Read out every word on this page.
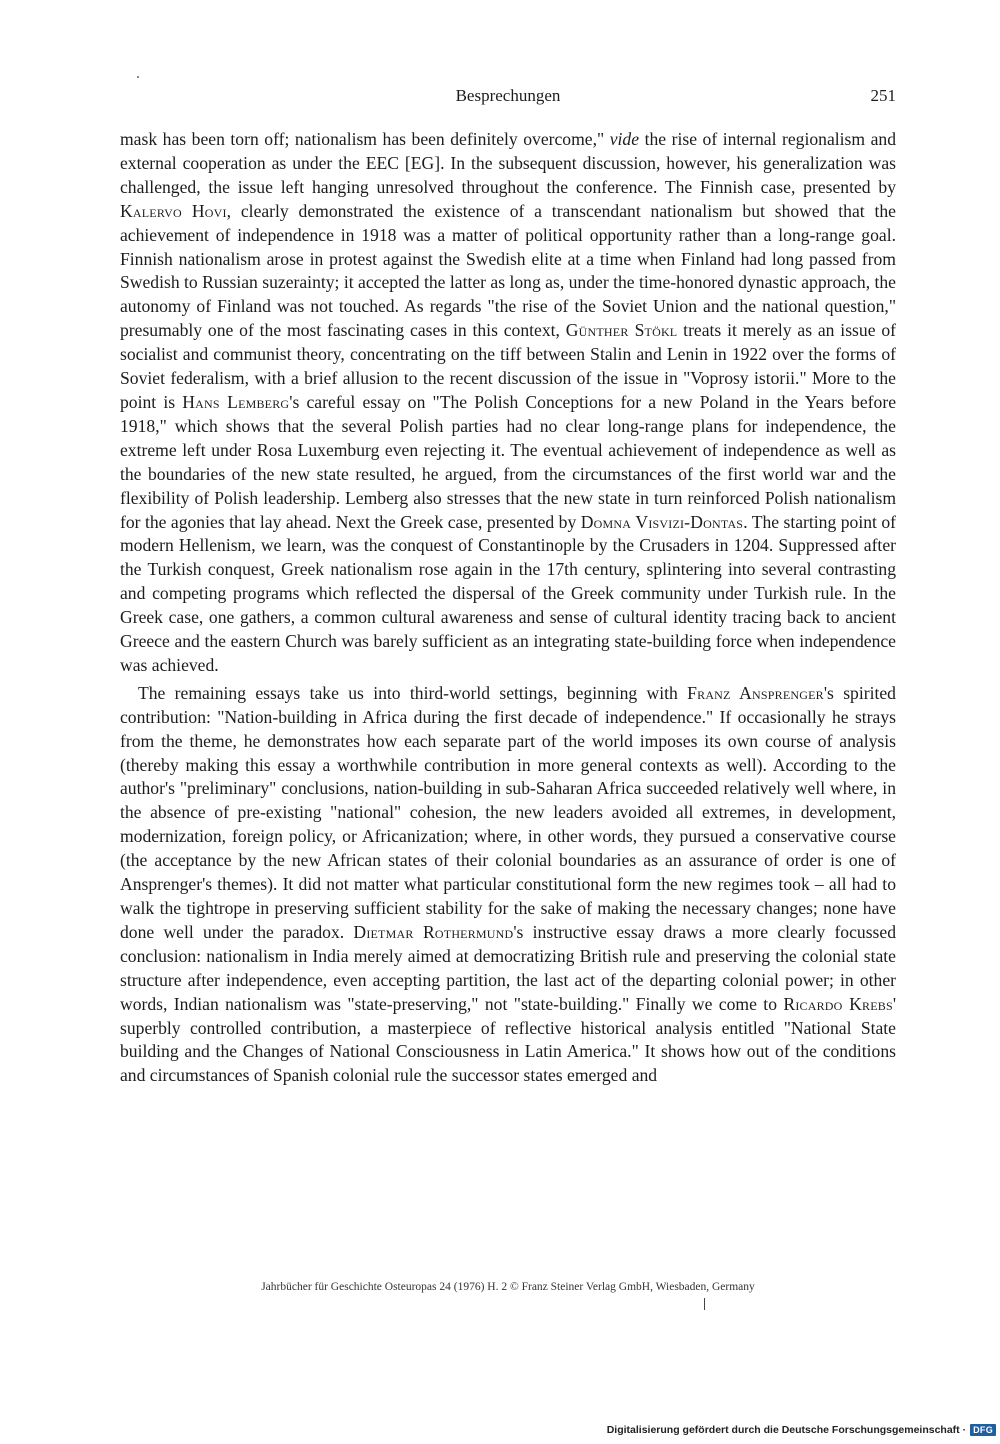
Besprechungen	251

mask has been torn off; nationalism has been definitely overcome," vide the rise of internal regionalism and external cooperation as under the EEC [EG]. In the subsequent discussion, however, his generalization was challenged, the issue left hanging unresolved throughout the conference. The Finnish case, presented by Kalervo Hovi, clearly demonstrated the existence of a transcendant nationalism but showed that the achievement of independence in 1918 was a matter of political opportunity rather than a long-range goal. Finnish nationalism arose in protest against the Swedish elite at a time when Finland had long passed from Swedish to Russian suzerainty; it accepted the latter as long as, under the time-honored dynastic approach, the autonomy of Finland was not touched. As regards "the rise of the Soviet Union and the national question," presumably one of the most fascinating cases in this context, Günther Stökl treats it merely as an issue of socialist and communist theory, concentrating on the tiff between Stalin and Lenin in 1922 over the forms of Soviet federalism, with a brief allusion to the recent discussion of the issue in "Voprosy istorii." More to the point is Hans Lemberg's careful essay on "The Polish Conceptions for a new Poland in the Years before 1918," which shows that the several Polish parties had no clear long-range plans for independence, the extreme left under Rosa Luxemburg even rejecting it. The eventual achievement of independence as well as the boundaries of the new state resulted, he argued, from the circumstances of the first world war and the flexibility of Polish leadership. Lemberg also stresses that the new state in turn reinforced Polish nationalism for the agonies that lay ahead. Next the Greek case, presented by Domna Visvizi-Dontas. The starting point of modern Hellenism, we learn, was the conquest of Constantinople by the Crusaders in 1204. Suppressed after the Turkish conquest, Greek nationalism rose again in the 17th century, splintering into several contrasting and competing programs which reflected the dispersal of the Greek community under Turkish rule. In the Greek case, one gathers, a common cultural awareness and sense of cultural identity tracing back to ancient Greece and the eastern Church was barely sufficient as an integrating state-building force when independence was achieved.

The remaining essays take us into third-world settings, beginning with Franz Ansprenger's spirited contribution: "Nation-building in Africa during the first decade of independence." If occasionally he strays from the theme, he demonstrates how each separate part of the world imposes its own course of analysis (thereby making this essay a worthwhile contribution in more general contexts as well). According to the author's "preliminary" conclusions, nation-building in sub-Saharan Africa succeeded relatively well where, in the absence of pre-existing "national" cohesion, the new leaders avoided all extremes, in development, modernization, foreign policy, or Africanization; where, in other words, they pursued a conservative course (the acceptance by the new African states of their colonial boundaries as an assurance of order is one of Ansprenger's themes). It did not matter what particular constitutional form the new regimes took – all had to walk the tightrope in preserving sufficient stability for the sake of making the necessary changes; none have done well under the paradox. Dietmar Rothermund's instructive essay draws a more clearly focussed conclusion: nationalism in India merely aimed at democratizing British rule and preserving the colonial state structure after independence, even accepting partition, the last act of the departing colonial power; in other words, Indian nationalism was "state-preserving," not "state-building." Finally we come to Ricardo Krebs' superbly controlled contribution, a masterpiece of reflective historical analysis entitled "National State building and the Changes of National Consciousness in Latin America." It shows how out of the conditions and circumstances of Spanish colonial rule the successor states emerged and

Jahrbücher für Geschichte Osteuropas 24 (1976) H. 2 © Franz Steiner Verlag GmbH, Wiesbaden, Germany
Digitalisierung gefördert durch die Deutsche Forschungsgemeinschaft · DFG
